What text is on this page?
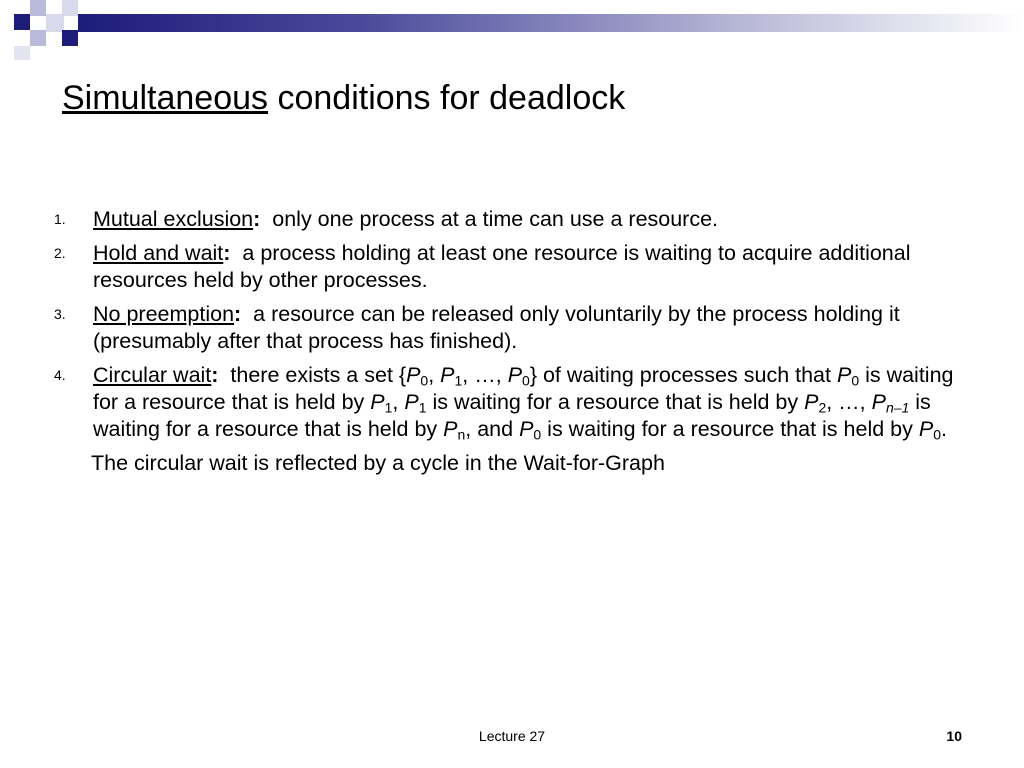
Simultaneous conditions for deadlock
1. Mutual exclusion:  only one process at a time can use a resource.
2. Hold and wait:  a process holding at least one resource is waiting to acquire additional resources held by other processes.
3. No preemption:  a resource can be released only voluntarily by the process holding it (presumably after that process has finished).
4. Circular wait:  there exists a set {$P_0$, $P_1$, …, $P_0$} of waiting processes such that $P_0$ is waiting for a resource that is held by $P_1$, $P_1$ is waiting for a resource that is held by $P_2$, …, $P_{n-1}$ is waiting for a resource that is held by $P_n$, and $P_0$ is waiting for a resource that is held by $P_0$.
The circular wait is reflected by a cycle in the Wait-for-Graph
Lecture 27	10
